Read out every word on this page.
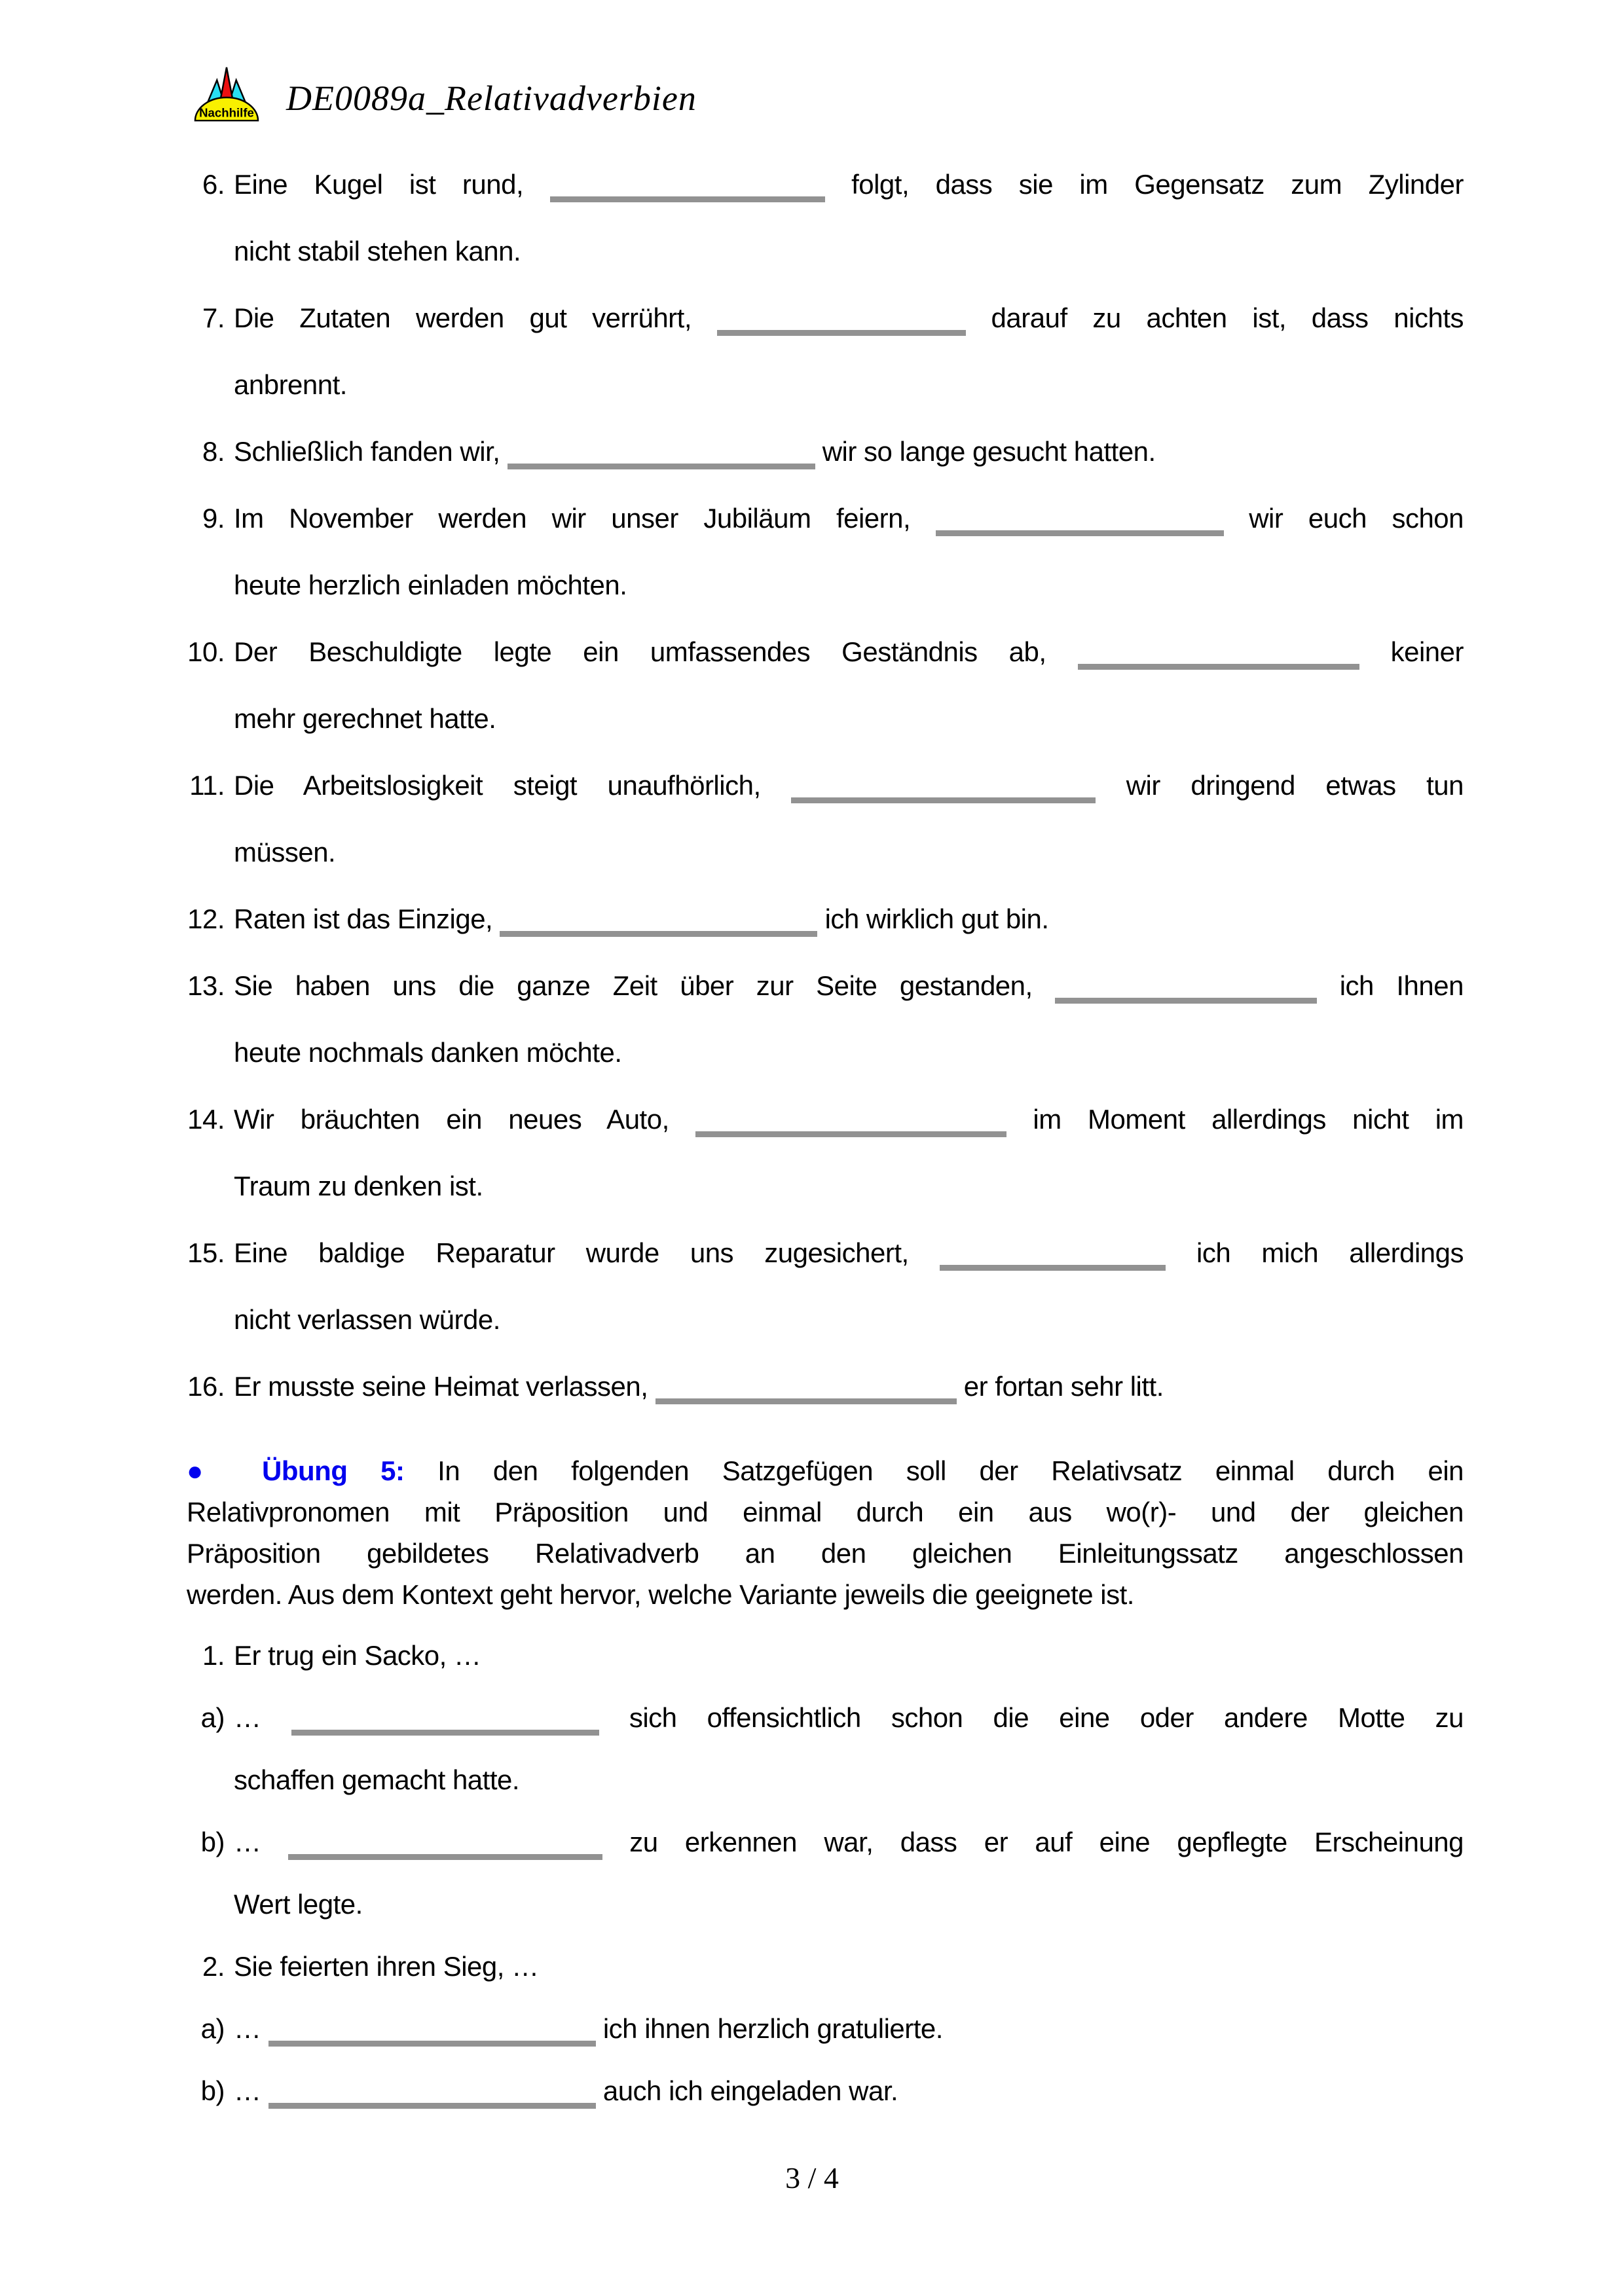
Nachhilfe DE0089a_Relativadverbien
6. Eine Kugel ist rund,	folgt, dass sie im Gegensatz zum Zylinder
nicht stabil stehen kann.
7. Die Zutaten werden gut verrührt,	darauf zu achten ist, dass nichts
anbrennt.
8. Schließlich fanden wir,	wir so lange gesucht hatten.
9. Im November werden wir unser Jubiläum feiern,	wir euch schon
heute herzlich einladen möchten.
10. Der Beschuldigte legte ein umfassendes Geständnis ab,	keiner
mehr gerechnet hatte.
11. Die Arbeitslosigkeit steigt unaufhörlich,	wir dringend etwas tun
müssen.
12. Raten ist das Einzige,	ich wirklich gut bin.
13. Sie haben uns die ganze Zeit über zur Seite gestanden,	ich Ihnen
heute nochmals danken möchte.
14. Wir bräuchten ein neues Auto,	im Moment allerdings nicht im
Traum zu denken ist.
15. Eine baldige Reparatur wurde uns zugesichert,	ich mich allerdings
nicht verlassen würde.
16. Er musste seine Heimat verlassen,	er fortan sehr litt.
● Übung 5: In den folgenden Satzgefügen soll der Relativsatz einmal durch ein
Relativpronomen mit Präposition und einmal durch ein aus wo(r)- und der gleichen
Präposition gebildetes Relativadverb an den gleichen Einleitungssatz angeschlossen
werden. Aus dem Kontext geht hervor, welche Variante jeweils die geeignete ist.
1. Er trug ein Sacko, …
a) …	sich offensichtlich schon die eine oder andere Motte zu
schaffen gemacht hatte.
b) …	zu erkennen war, dass er auf eine gepflegte Erscheinung
Wert legte.
2. Sie feierten ihren Sieg, …
a) …	ich ihnen herzlich gratulierte.
b) …	auch ich eingeladen war.
3 / 4
